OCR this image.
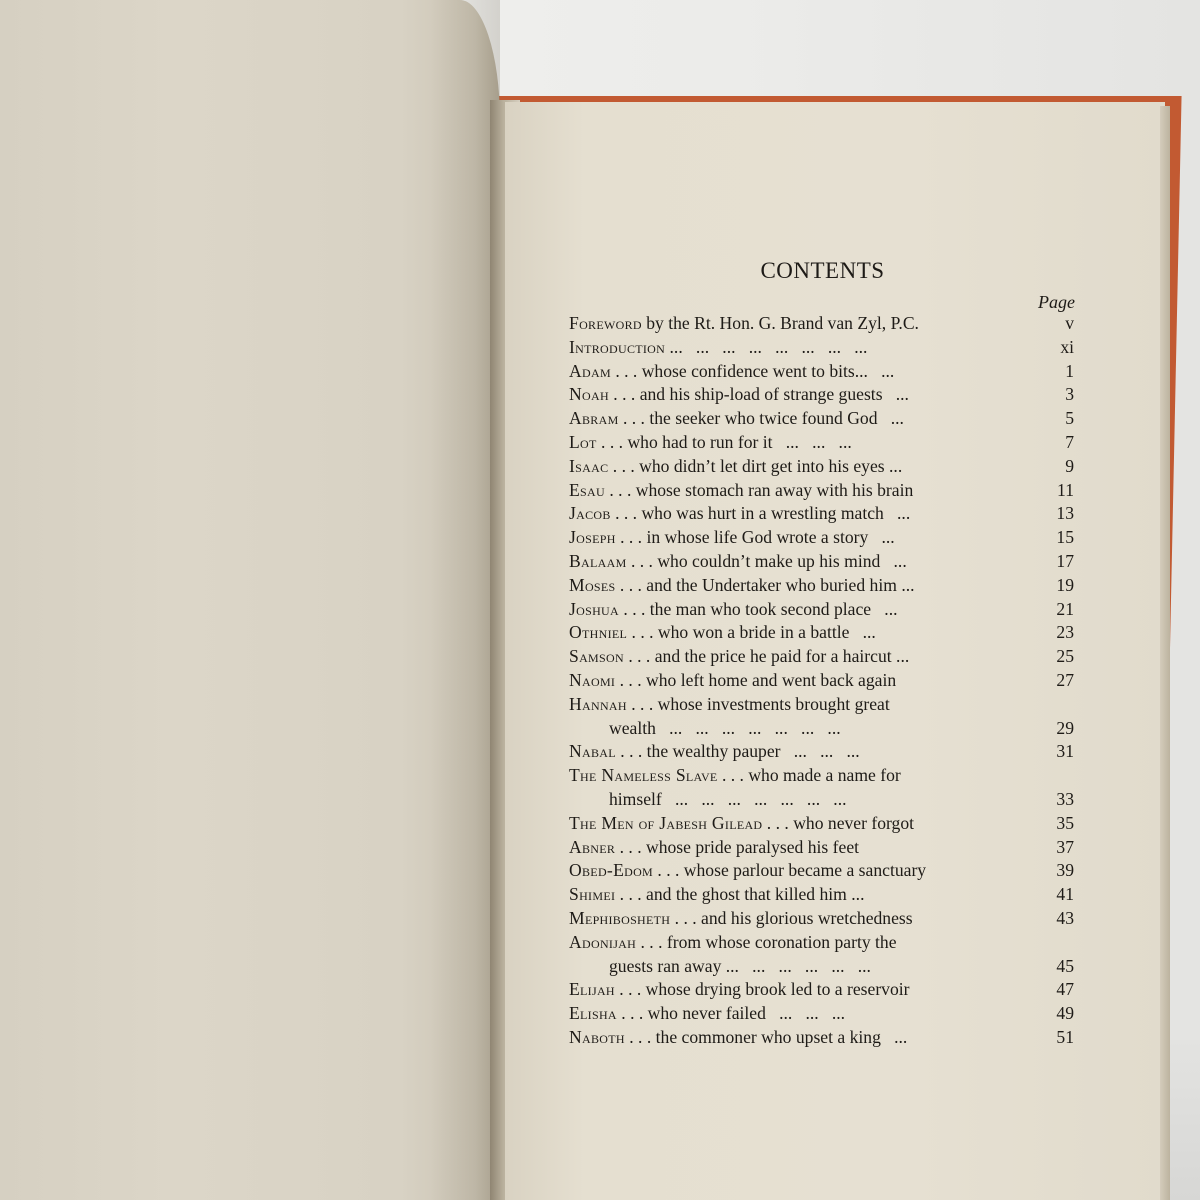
CONTENTS
Page
Foreword by the Rt. Hon. G. Brand van Zyl, P.C.	v
Introduction ...   ...   ...   ...   ...   ...   ...   ...	xi
Adam . . . whose confidence went to bits...   ...	1
Noah . . . and his ship-load of strange guests   ...	3
Abram . . . the seeker who twice found God   ...	5
Lot . . . who had to run for it   ...   ...   ...	7
Isaac . . . who didn’t let dirt get into his eyes ...	9
Esau . . . whose stomach ran away with his brain	11
Jacob . . . who was hurt in a wrestling match   ...	13
Joseph . . . in whose life God wrote a story   ...	15
Balaam . . . who couldn’t make up his mind   ...	17
Moses . . . and the Undertaker who buried him ...	19
Joshua . . . the man who took second place   ...	21
Othniel . . . who won a bride in a battle   ...	23
Samson . . . and the price he paid for a haircut ...	25
Naomi . . . who left home and went back again	27
Hannah . . . whose investments brought great
wealth   ...   ...   ...   ...   ...   ...   ...	29
Nabal . . . the wealthy pauper   ...   ...   ...	31
The Nameless Slave . . . who made a name for
himself   ...   ...   ...   ...   ...   ...   ...	33
The Men of Jabesh Gilead . . . who never forgot	35
Abner . . . whose pride paralysed his feet	37
Obed-Edom . . . whose parlour became a sanctuary	39
Shimei . . . and the ghost that killed him ...	41
Mephibosheth . . . and his glorious wretchedness	43
Adonijah . . . from whose coronation party the
guests ran away ...   ...   ...   ...   ...   ...	45
Elijah . . . whose drying brook led to a reservoir	47
Elisha . . . who never failed   ...   ...   ...	49
Naboth . . . the commoner who upset a king   ...	51
